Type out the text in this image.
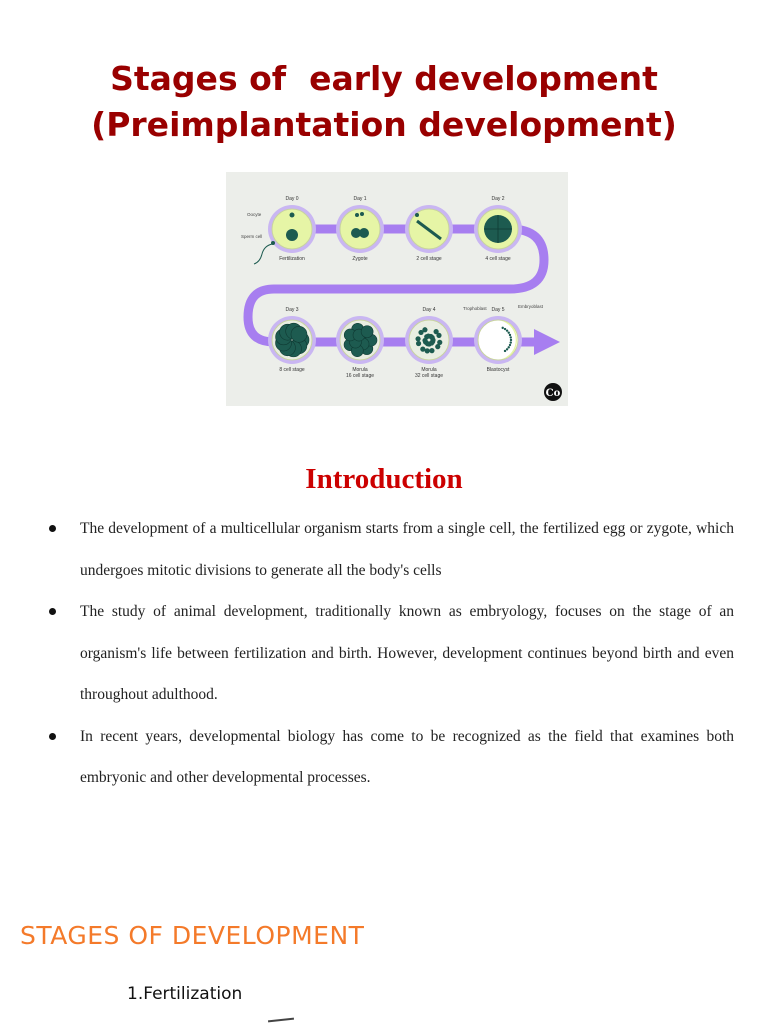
Stages of  early development
(Preimplantation development)
Day 0
Fertilization
Day 1
Zygote	2 cell stage
Day 2
4 cell stage
Day 3
8 cell stage	Morula
16 cell stage
Day 4
Morula
32 cell stage
Day 5
Blastocyst
Oocyte
Sperm cell
Trophoblast	Embryoblast
Co
Introduction
The development of a multicellular organism starts from a single cell, the fertilized egg or zygote, which undergoes mitotic divisions to generate all the body's cells
The study of animal development, traditionally known as embryology, focuses on the stage of an organism's life between fertilization and birth. However, development continues beyond birth and even throughout adulthood.
In recent years, developmental biology has come to be recognized as the field that examines both embryonic and other developmental processes.
STAGES OF DEVELOPMENT

1.Fertilization
